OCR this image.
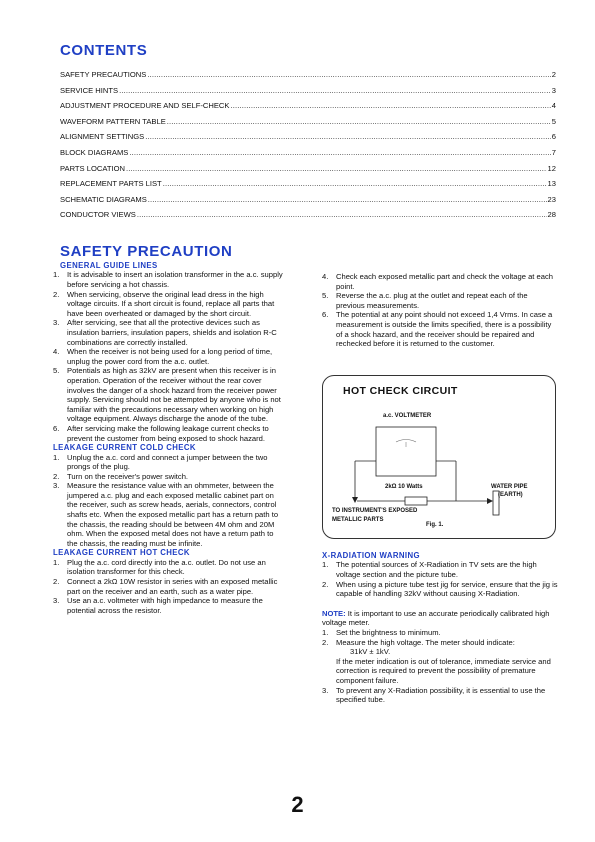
CONTENTS
SAFETY PRECAUTIONS .....	2
SERVICE HINTS .....	3
ADJUSTMENT PROCEDURE AND SELF-CHECK .....	4
WAVEFORM PATTERN TABLE .....	5
ALIGNMENT SETTINGS .....	6
BLOCK DIAGRAMS .....	7
PARTS LOCATION .....	12
REPLACEMENT PARTS LIST .....	13
SCHEMATIC DIAGRAMS .....	23
CONDUCTOR VIEWS .....	28
SAFETY PRECAUTION
GENERAL GUIDE LINES
1.	It is advisable to insert an isolation transformer in the a.c. supply before servicing a hot chassis.
2.	When servicing, observe the original lead dress in the high voltage circuits. If a short circuit is found, replace all parts that have been overheated or damaged by the short circuit.
3.	After servicing, see that all the protective devices such as insulation barriers, insulation papers, shields and isolation R-C combinations are correctly installed.
4.	When the receiver is not being used for a long period of time, unplug the power cord from the a.c. outlet.
5.	Potentials as high as 32kV are present when this receiver is in operation. Operation of the receiver without the rear cover involves the danger of a shock hazard from the receiver power supply. Servicing should not be attempted by anyone who is not familiar with the precautions necessary when working on high voltage equipment. Always discharge the anode of the tube.
6.	After servicing make the following leakage current checks to prevent the customer from being exposed to shock hazard.
LEAKAGE CURRENT COLD CHECK
1.	Unplug the a.c. cord and connect a jumper between the two prongs of the plug.
2.	Turn on the receiver's power switch.
3.	Measure the resistance value with an ohmmeter, between the jumpered a.c. plug and each exposed metallic cabinet part on the receiver, such as screw heads, aerials, connectors, control shafts etc. When the exposed metallic part has a return path to the chassis, the reading should be between 4M ohm and 20M ohm. When the exposed metal does not have a return path to the chassis, the reading must be infinite.
LEAKAGE CURRENT HOT CHECK
1.	Plug the a.c. cord directly into the a.c. outlet. Do not use an isolation transformer for this check.
2.	Connect a 2kΩ 10W resistor in series with an exposed metallic part on the receiver and an earth, such as a water pipe.
3.	Use an a.c. voltmeter with high impedance to measure the potential across the resistor.
4.	Check each exposed metallic part and check the voltage at each point.
5.	Reverse the a.c. plug at the outlet and repeat each of the previous measurements.
6.	The potential at any point should not exceed 1,4 Vrms. In case a measurement is outside the limits specified, there is a possibility of a shock hazard, and the receiver should be repaired and rechecked before it is returned to the customer.
HOT CHECK CIRCUIT
a.c. VOLTMETER
2kΩ 10 Watts	WATER PIPE
(EARTH)
TO INSTRUMENT'S EXPOSED
METALLIC PARTS
Fig. 1.
X-RADIATION WARNING
1.	The potential sources of X-Radiation in TV sets are the high voltage section and the picture tube.
2.	When using a picture tube test jig for service, ensure that the jig is capable of handling 32kV without causing X-Radiation.
NOTE: It is important to use an accurate periodically calibrated high voltage meter.
1.	Set the brightness to minimum.
2.	Measure the high voltage. The meter should indicate:
31kV ± 1kV.
If the meter indication is out of tolerance, immediate service and correction is required to prevent the possibility of premature component failure.
3.	To prevent any X-Radiation possibility, it is essential to use the specified tube.
2
